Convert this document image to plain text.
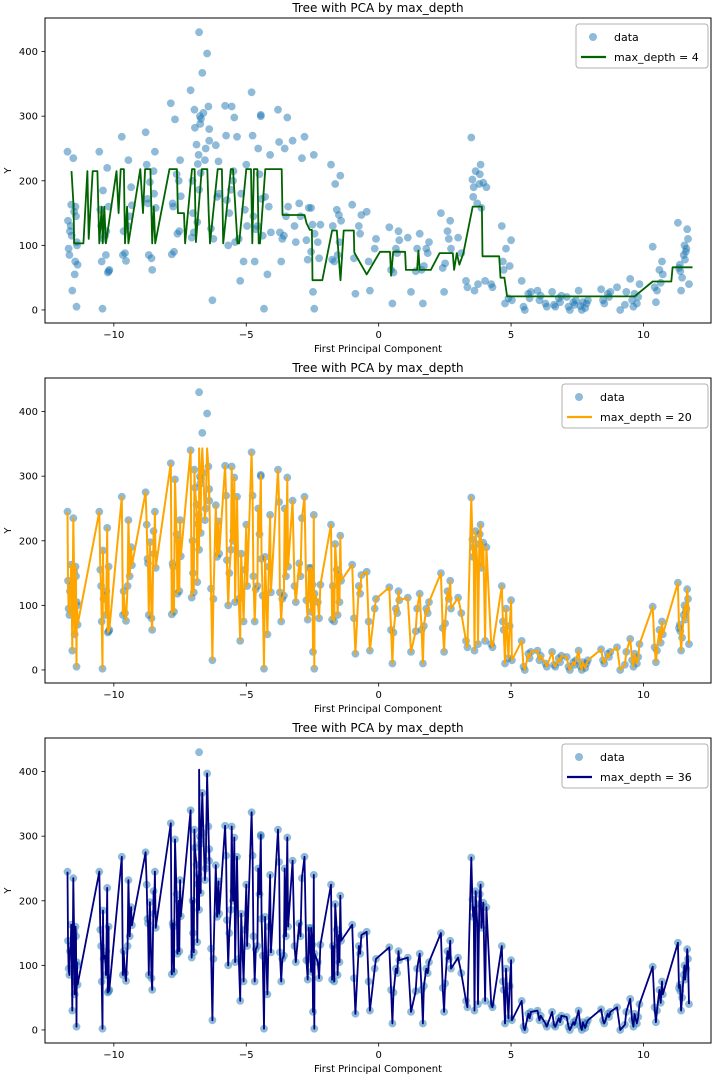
Tree with PCA by max_depth
First Principal Component
Y
−10	−5	0	5	10
0
100
200
300
400
data
max_depth = 4
Tree with PCA by max_depth
First Principal Component
Y
−10	−5	0	5	10
0
100
200
300
400
data
max_depth = 20
Tree with PCA by max_depth
First Principal Component
Y
−10	−5	0	5	10
0
100
200
300
400
data
max_depth = 36
